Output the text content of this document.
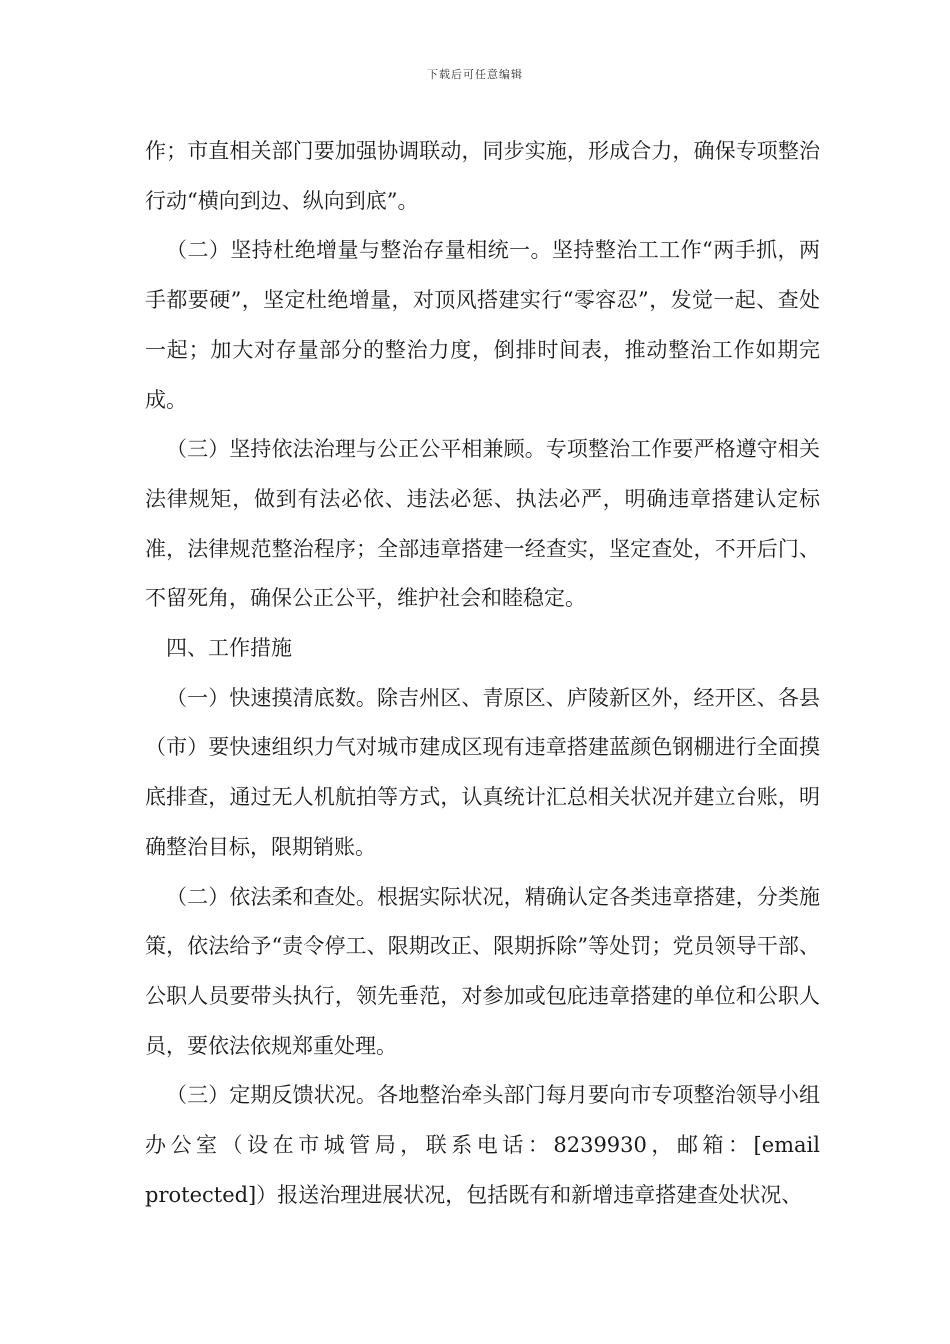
下载后可任意编辑

作；市直相关部门要加强协调联动，同步实施，形成合力，确保专项整治行动“横向到边、纵向到底”。

（二）坚持杜绝增量与整治存量相统一。坚持整治工工作“两手抓，两手都要硬”，坚定杜绝增量，对顶风搭建实行“零容忍”，发觉一起、查处一起；加大对存量部分的整治力度，倒排时间表，推动整治工作如期完成。

（三）坚持依法治理与公正公平相兼顾。专项整治工作要严格遵守相关法律规矩，做到有法必依、违法必惩、执法必严，明确违章搭建认定标准，法律规范整治程序；全部违章搭建一经查实，坚定查处，不开后门、不留死角，确保公正公平，维护社会和睦稳定。

四、工作措施

（一）快速摸清底数。除吉州区、青原区、庐陵新区外，经开区、各县（市）要快速组织力气对城市建成区现有违章搭建蓝颜色钢棚进行全面摸底排查，通过无人机航拍等方式，认真统计汇总相关状况并建立台账，明确整治目标，限期销账。

（二）依法柔和查处。根据实际状况，精确认定各类违章搭建，分类施策，依法给予“责令停工、限期改正、限期拆除”等处罚；党员领导干部、公职人员要带头执行，领先垂范，对参加或包庇违章搭建的单位和公职人员，要依法依规郑重处理。

（三）定期反馈状况。各地整治牵头部门每月要向市专项整治领导小组办公室（设在市城管局，联系电话：8239930，邮箱：[email protected]）报送治理进展状况，包括既有和新增违章搭建查处状况、
